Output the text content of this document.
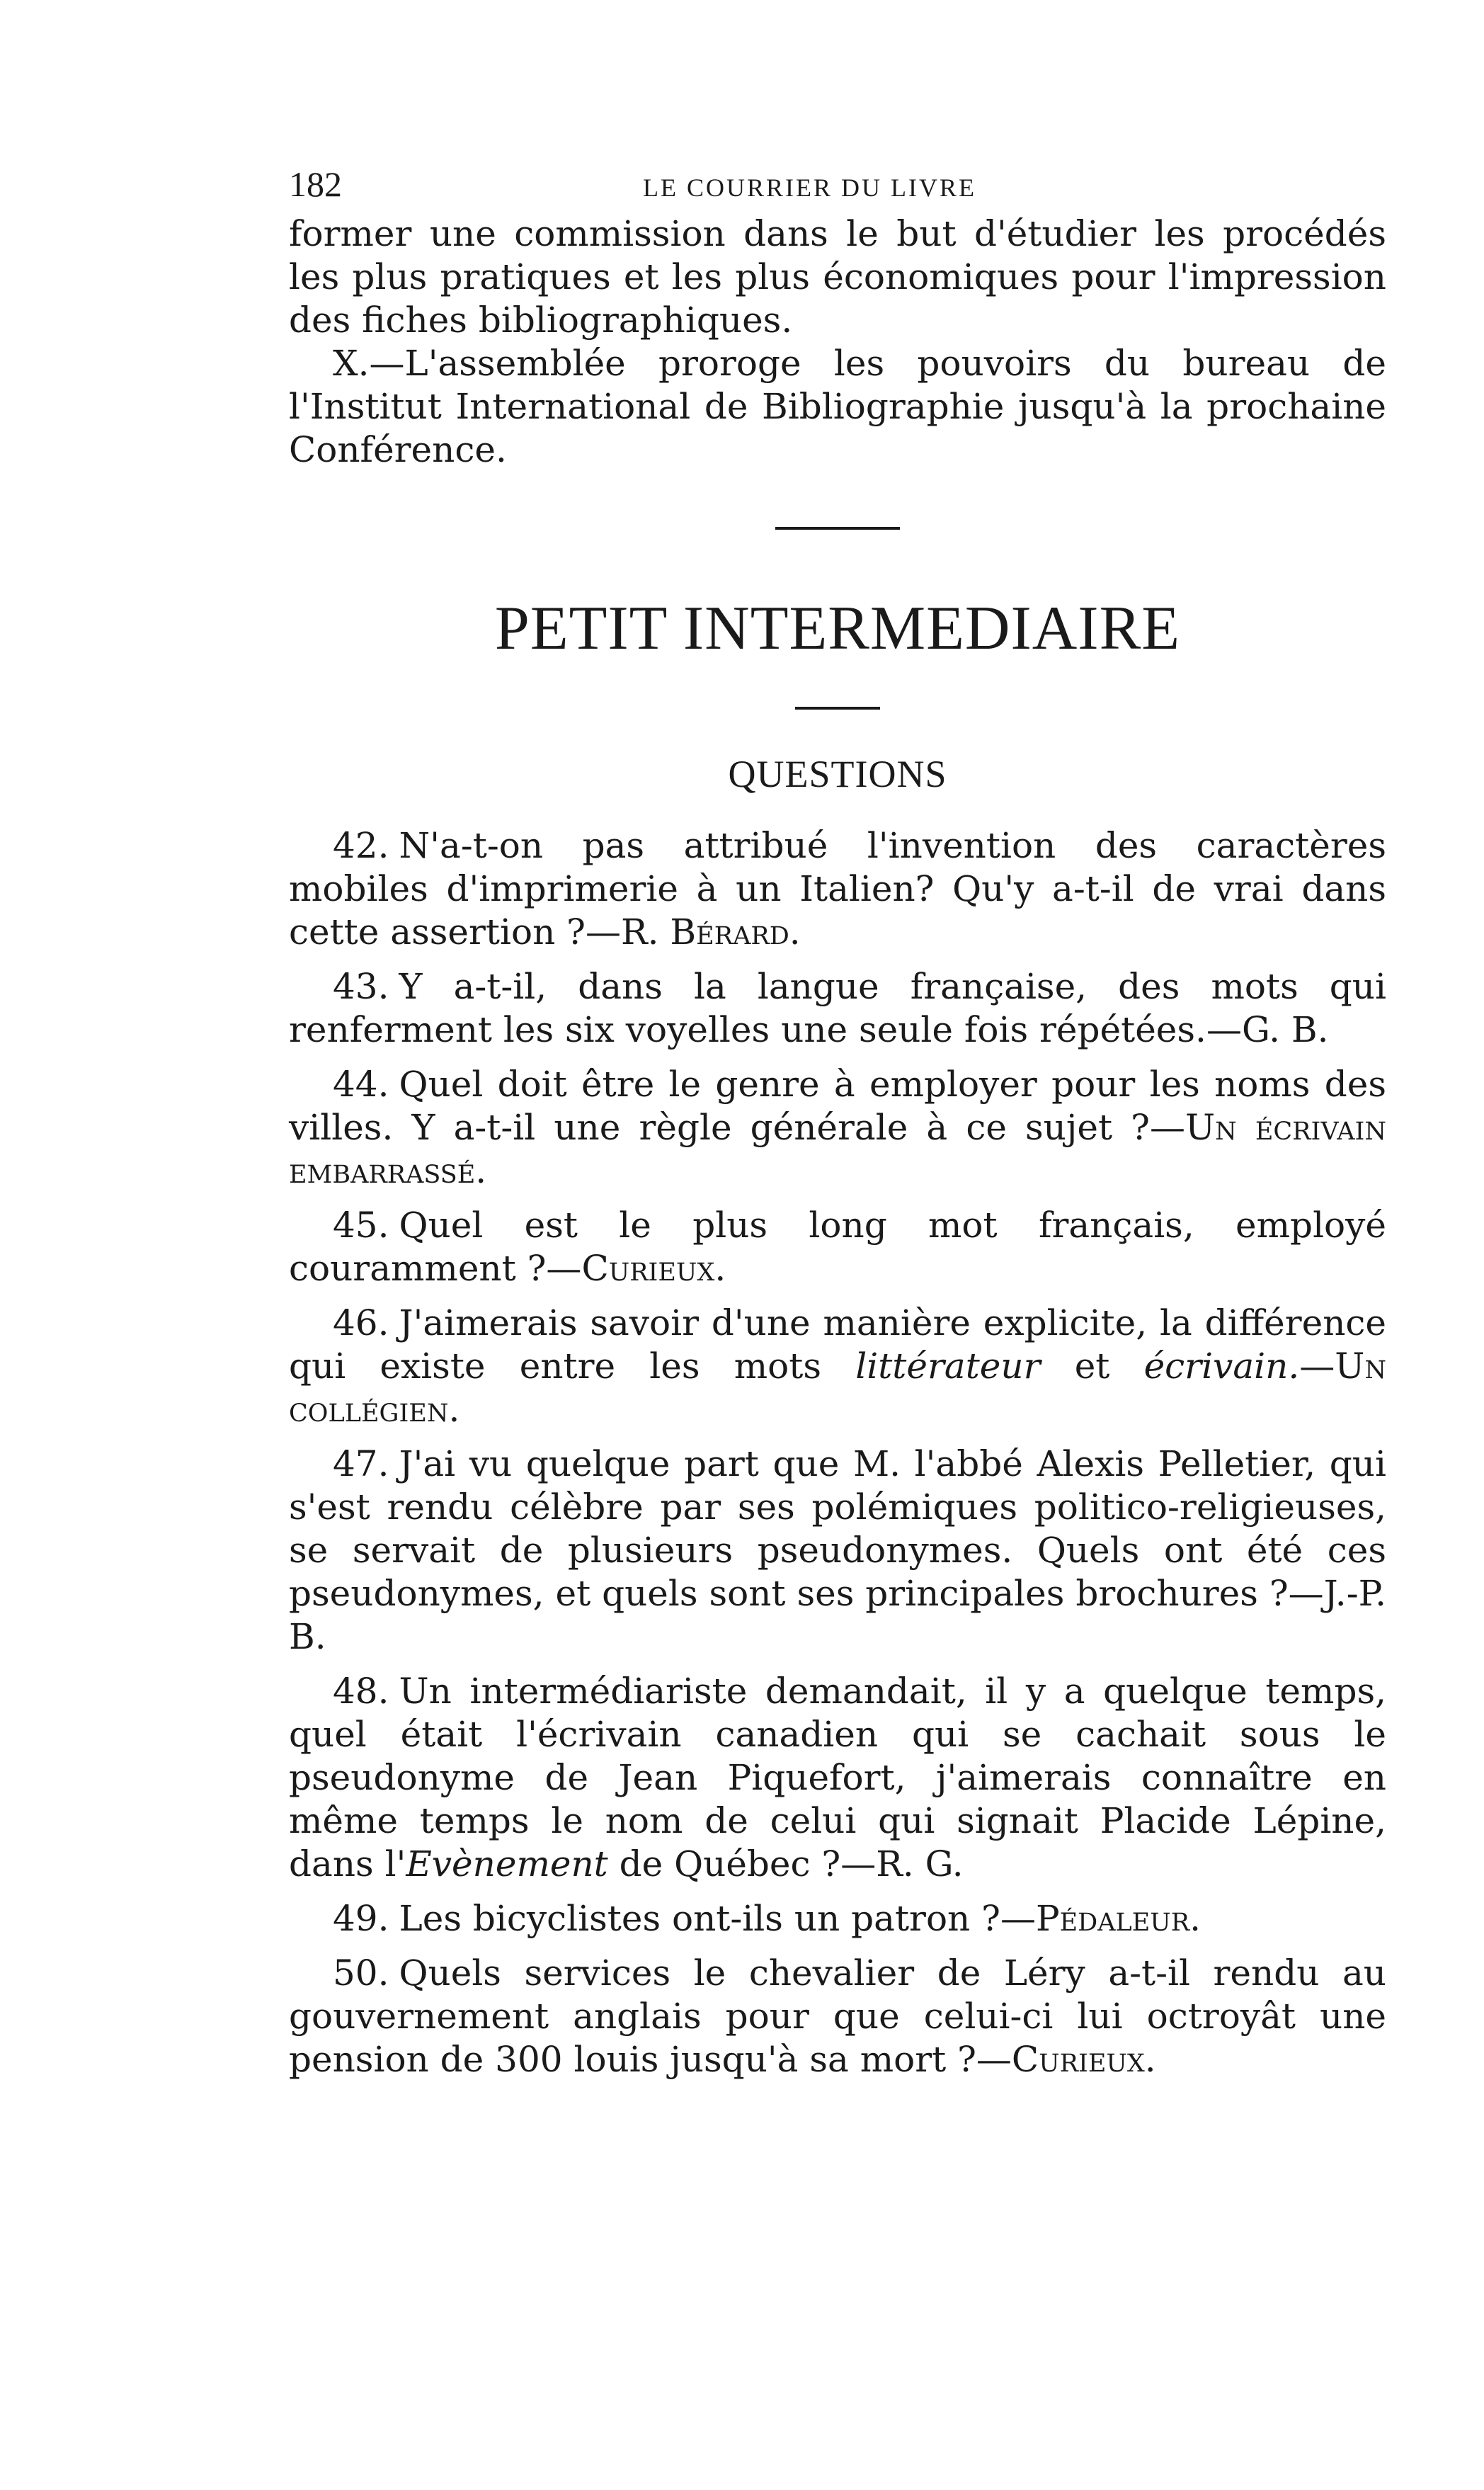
182	LE COURRIER DU LIVRE

former une commission dans le but d'étudier les procédés les plus pratiques et les plus économiques pour l'impression des fiches bibliographiques.

X.—L'assemblée proroge les pouvoirs du bureau de l'Institut International de Bibliographie jusqu'à la prochaine Conférence.

PETIT INTERMEDIAIRE
QUESTIONS

42. N'a-t-on pas attribué l'invention des caractères mobiles d'imprimerie à un Italien? Qu'y a-t-il de vrai dans cette assertion ?—R. Bérard.

43. Y a-t-il, dans la langue française, des mots qui renferment les six voyelles une seule fois répétées.—G. B.

44. Quel doit être le genre à employer pour les noms des villes. Y a-t-il une règle générale à ce sujet ?—Un écrivain embarrassé.

45. Quel est le plus long mot français, employé couramment ?—Curieux.

46. J'aimerais savoir d'une manière explicite, la différence qui existe entre les mots littérateur et écrivain.—Un collégien.

47. J'ai vu quelque part que M. l'abbé Alexis Pelletier, qui s'est rendu célèbre par ses polémiques politico-religieuses, se servait de plusieurs pseudonymes. Quels ont été ces pseudonymes, et quels sont ses principales brochures ?—J.-P. B.

48. Un intermédiariste demandait, il y a quelque temps, quel était l'écrivain canadien qui se cachait sous le pseudonyme de Jean Piquefort, j'aimerais connaître en même temps le nom de celui qui signait Placide Lépine, dans l'Evènement de Québec ?—R. G.

49. Les bicyclistes ont-ils un patron ?—Pédaleur.

50. Quels services le chevalier de Léry a-t-il rendu au gouvernement anglais pour que celui-ci lui octroyât une pension de 300 louis jusqu'à sa mort ?—Curieux.
